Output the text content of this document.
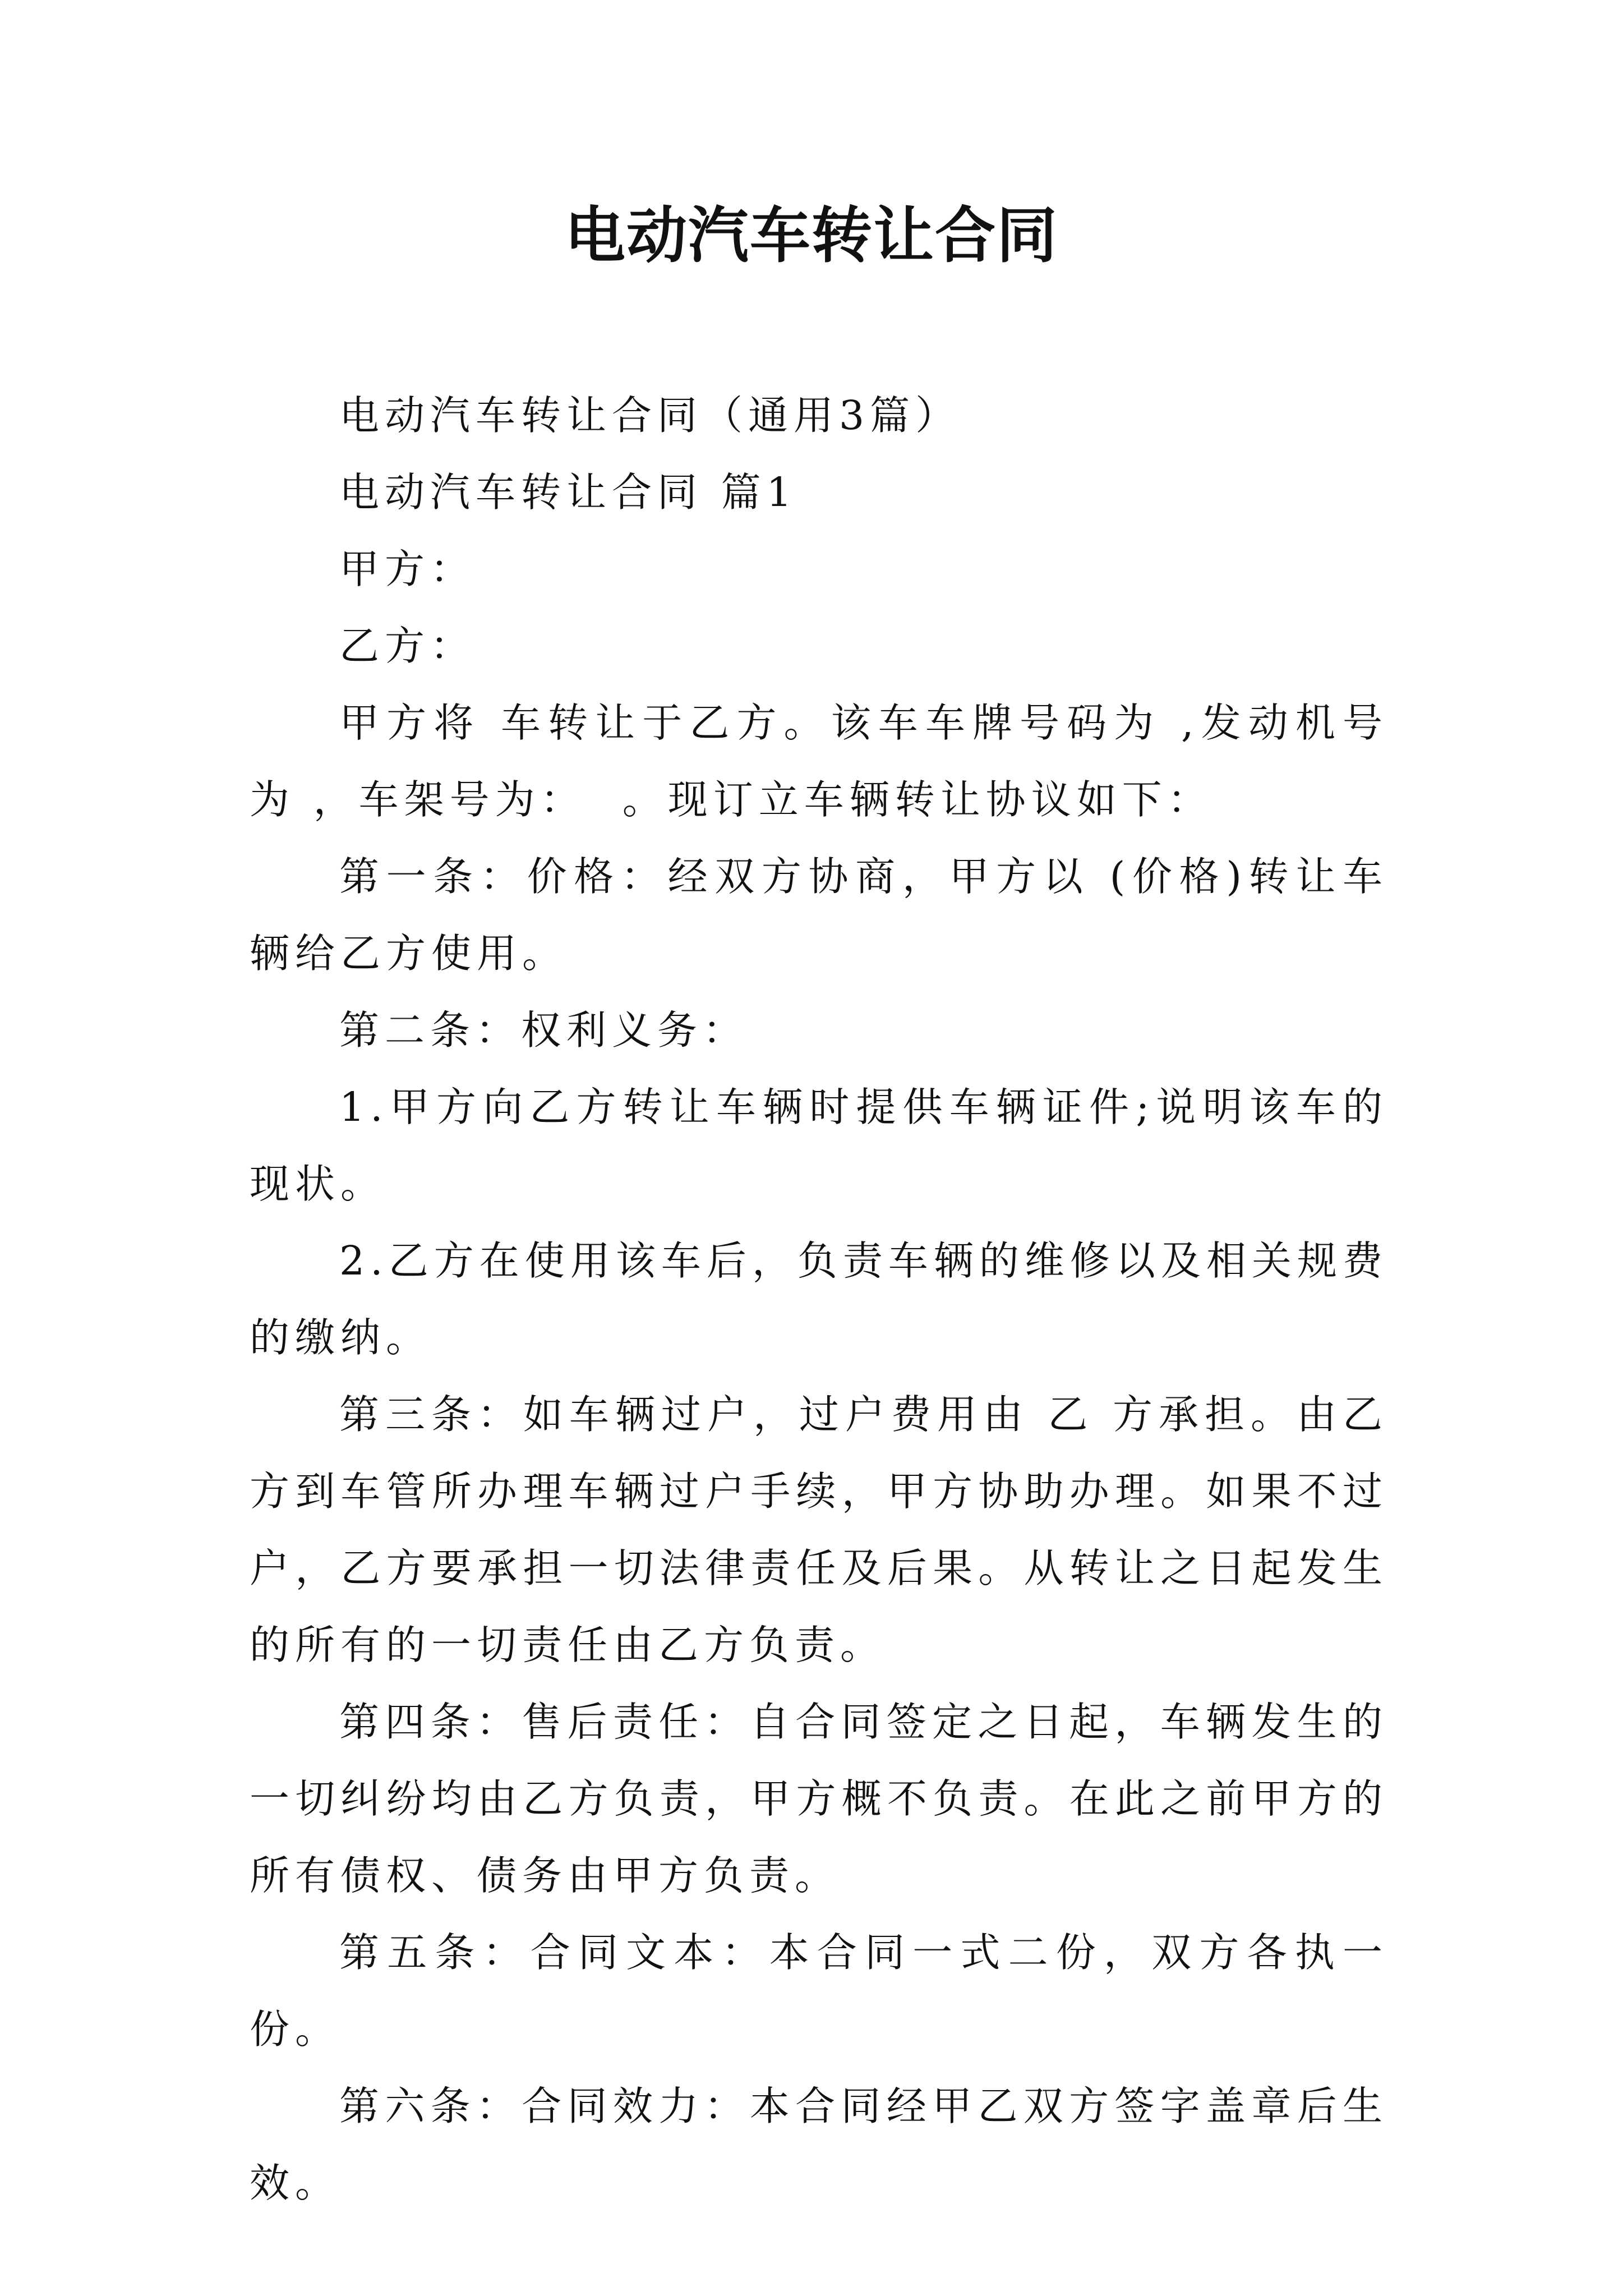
电动汽车转让合同

电动汽车转让合同（通用3篇）

电动汽车转让合同 篇1

甲方：

乙方：

甲方将 车转让于乙方。该车车牌号码为 ,发动机号为 ，车架号为：  。现订立车辆转让协议如下：

第一条：价格：经双方协商，甲方以 (价格)转让车辆给乙方使用。

第二条：权利义务：

1.甲方向乙方转让车辆时提供车辆证件;说明该车的现状。

2.乙方在使用该车后，负责车辆的维修以及相关规费的缴纳。

第三条：如车辆过户，过户费用由 乙 方承担。由乙方到车管所办理车辆过户手续，甲方协助办理。如果不过户，乙方要承担一切法律责任及后果。从转让之日起发生的所有的一切责任由乙方负责。

第四条：售后责任：自合同签定之日起，车辆发生的一切纠纷均由乙方负责，甲方概不负责。在此之前甲方的所有债权、债务由甲方负责。

第五条：合同文本：本合同一式二份，双方各执一份。

第六条：合同效力：本合同经甲乙双方签字盖章后生效。
